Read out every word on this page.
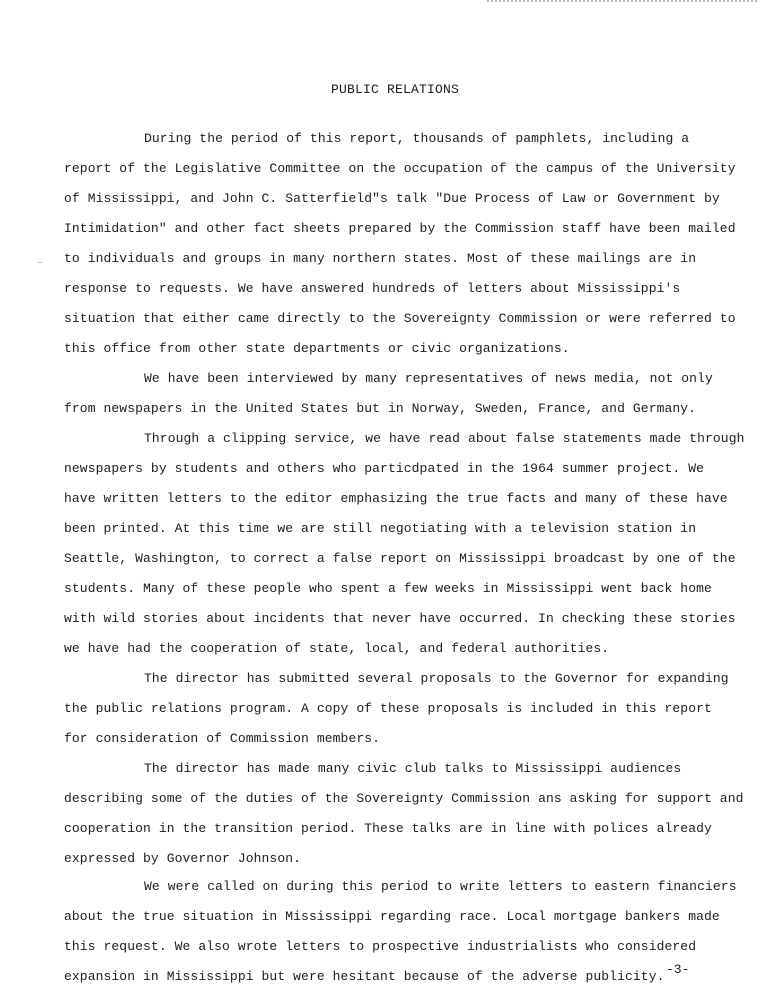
PUBLIC RELATIONS
During the period of this report, thousands of pamphlets, including a
report of the Legislative Committee on the occupation of the campus of the University
of Mississippi, and John C. Satterfield"s talk "Due Process of Law or Government by
Intimidation" and other fact sheets prepared by the Commission staff have been mailed
to individuals and groups in many northern states. Most of these mailings are in
response to requests. We have answered hundreds of letters about Mississippi's
situation that either came directly to the Sovereignty Commission or were referred to
this office from other state departments or civic organizations.
We have been interviewed by many representatives of news media, not only
from newspapers in the United States but in Norway, Sweden, France, and Germany.
Through a clipping service, we have read about false statements made through
newspapers by students and others who particdpated in the 1964 summer project. We
have written letters to the editor emphasizing the true facts and many of these have
been printed. At this time we are still negotiating with a television station in
Seattle, Washington, to correct a false report on Mississippi broadcast by one of the
students. Many of these people who spent a few weeks in Mississippi went back home
with wild stories about incidents that never have occurred. In checking these stories
we have had the cooperation of state, local, and federal authorities.
The director has submitted several proposals to the Governor for expanding
the public relations program. A copy of these proposals is included in this report
for consideration of Commission members.
The director has made many civic club talks to Mississippi audiences
describing some of the duties of the Sovereignty Commission ans asking for support and
cooperation in the transition period. These talks are in line with polices already
expressed by Governor Johnson.
We were called on during this period to write letters to eastern financiers
about the true situation in Mississippi regarding race. Local mortgage bankers made
this request. We also wrote letters to prospective industrialists who considered
expansion in Mississippi but were hesitant because of the adverse publicity. -3-
